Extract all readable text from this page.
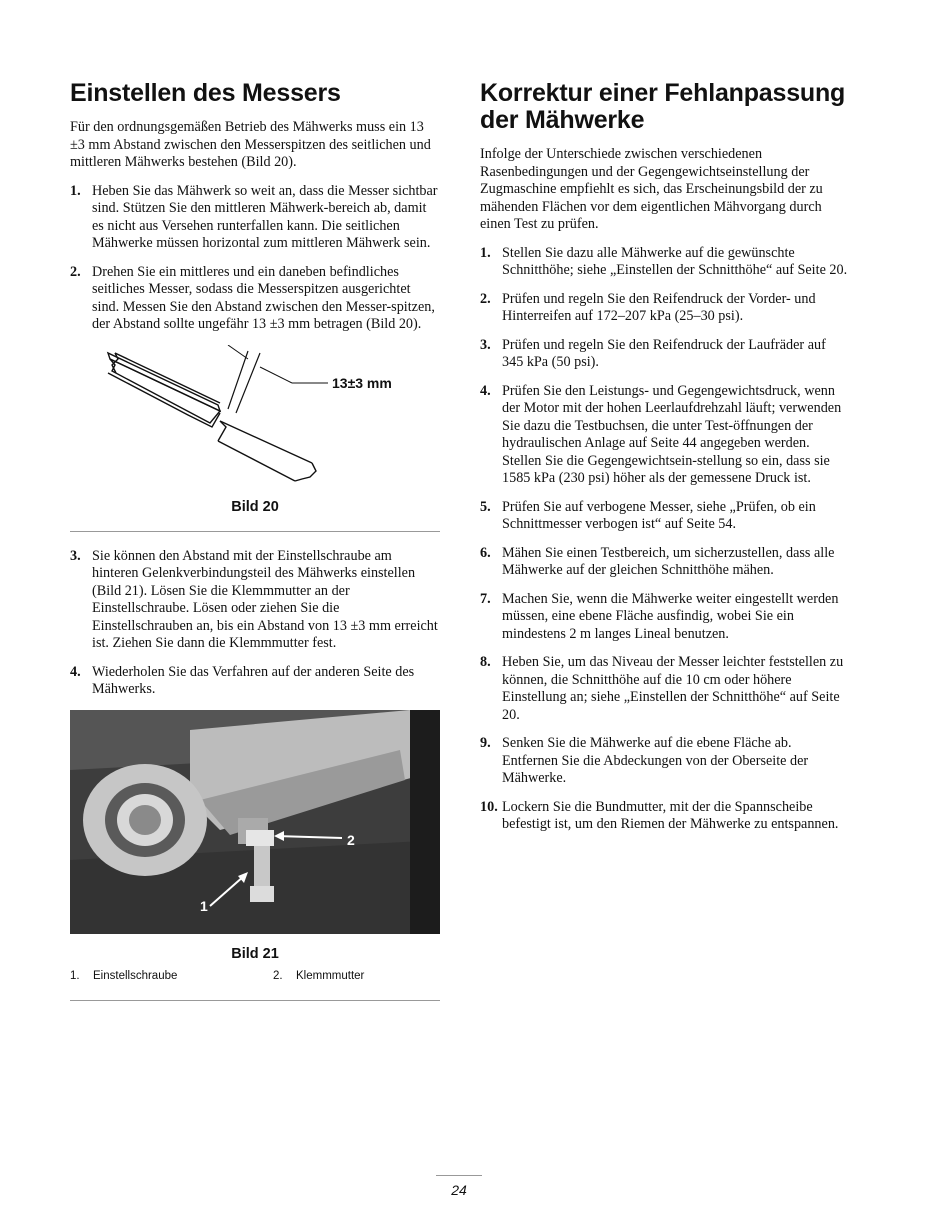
Einstellen des Messers

Für den ordnungsgemäßen Betrieb des Mähwerks muss ein 13 ±3 mm Abstand zwischen den Messerspitzen des seitlichen und mittleren Mähwerks bestehen (Bild 20).

1. Heben Sie das Mähwerk so weit an, dass die Messer sichtbar sind. Stützen Sie den mittleren Mähwerk-bereich ab, damit es nicht aus Versehen runterfallen kann. Die seitlichen Mähwerke müssen horizontal zum mittleren Mähwerk sein.
2. Drehen Sie ein mittleres und ein daneben befindliches seitliches Messer, sodass die Messerspitzen ausgerichtet sind. Messen Sie den Abstand zwischen den Messer-spitzen, der Abstand sollte ungefähr 13 ±3 mm betragen (Bild 20).
13±3 mm

Bild 20

3. Sie können den Abstand mit der Einstellschraube am hinteren Gelenkverbindungsteil des Mähwerks einstellen (Bild 21). Lösen Sie die Klemmmutter an der Einstellschraube. Lösen oder ziehen Sie die Einstellschrauben an, bis ein Abstand von 13 ±3 mm erreicht ist. Ziehen Sie dann die Klemmmutter fest.
4. Wiederholen Sie das Verfahren auf der anderen Seite des Mähwerks.
2
1

Bild 21

1. Einstellschraube	2. Klemmmutter
Korrektur einer Fehlanpassung der Mähwerke

Infolge der Unterschiede zwischen verschiedenen Rasenbedingungen und der Gegengewichtseinstellung der Zugmaschine empfiehlt es sich, das Erscheinungsbild der zu mähenden Flächen vor dem eigentlichen Mähvorgang durch einen Test zu prüfen.

1. Stellen Sie dazu alle Mähwerke auf die gewünschte Schnitthöhe; siehe „Einstellen der Schnitthöhe“ auf Seite 20.
2. Prüfen und regeln Sie den Reifendruck der Vorder- und Hinterreifen auf 172–207 kPa (25–30 psi).
3. Prüfen und regeln Sie den Reifendruck der Laufräder auf 345 kPa (50 psi).
4. Prüfen Sie den Leistungs- und Gegengewichtsdruck, wenn der Motor mit der hohen Leerlaufdrehzahl läuft; verwenden Sie dazu die Testbuchsen, die unter Test-öffnungen der hydraulischen Anlage auf Seite 44 angegeben werden. Stellen Sie die Gegengewichtsein-stellung so ein, dass sie 1585 kPa (230 psi) höher als der gemessene Druck ist.
5. Prüfen Sie auf verbogene Messer, siehe „Prüfen, ob ein Schnittmesser verbogen ist“ auf Seite 54.
6. Mähen Sie einen Testbereich, um sicherzustellen, dass alle Mähwerke auf der gleichen Schnitthöhe mähen.
7. Machen Sie, wenn die Mähwerke weiter eingestellt werden müssen, eine ebene Fläche ausfindig, wobei Sie ein mindestens 2 m langes Lineal benutzen.
8. Heben Sie, um das Niveau der Messer leichter feststellen zu können, die Schnitthöhe auf die 10 cm oder höhere Einstellung an; siehe „Einstellen der Schnitthöhe“ auf Seite 20.
9. Senken Sie die Mähwerke auf die ebene Fläche ab. Entfernen Sie die Abdeckungen von der Oberseite der Mähwerke.
10. Lockern Sie die Bundmutter, mit der die Spannscheibe befestigt ist, um den Riemen der Mähwerke zu entspannen.
24
